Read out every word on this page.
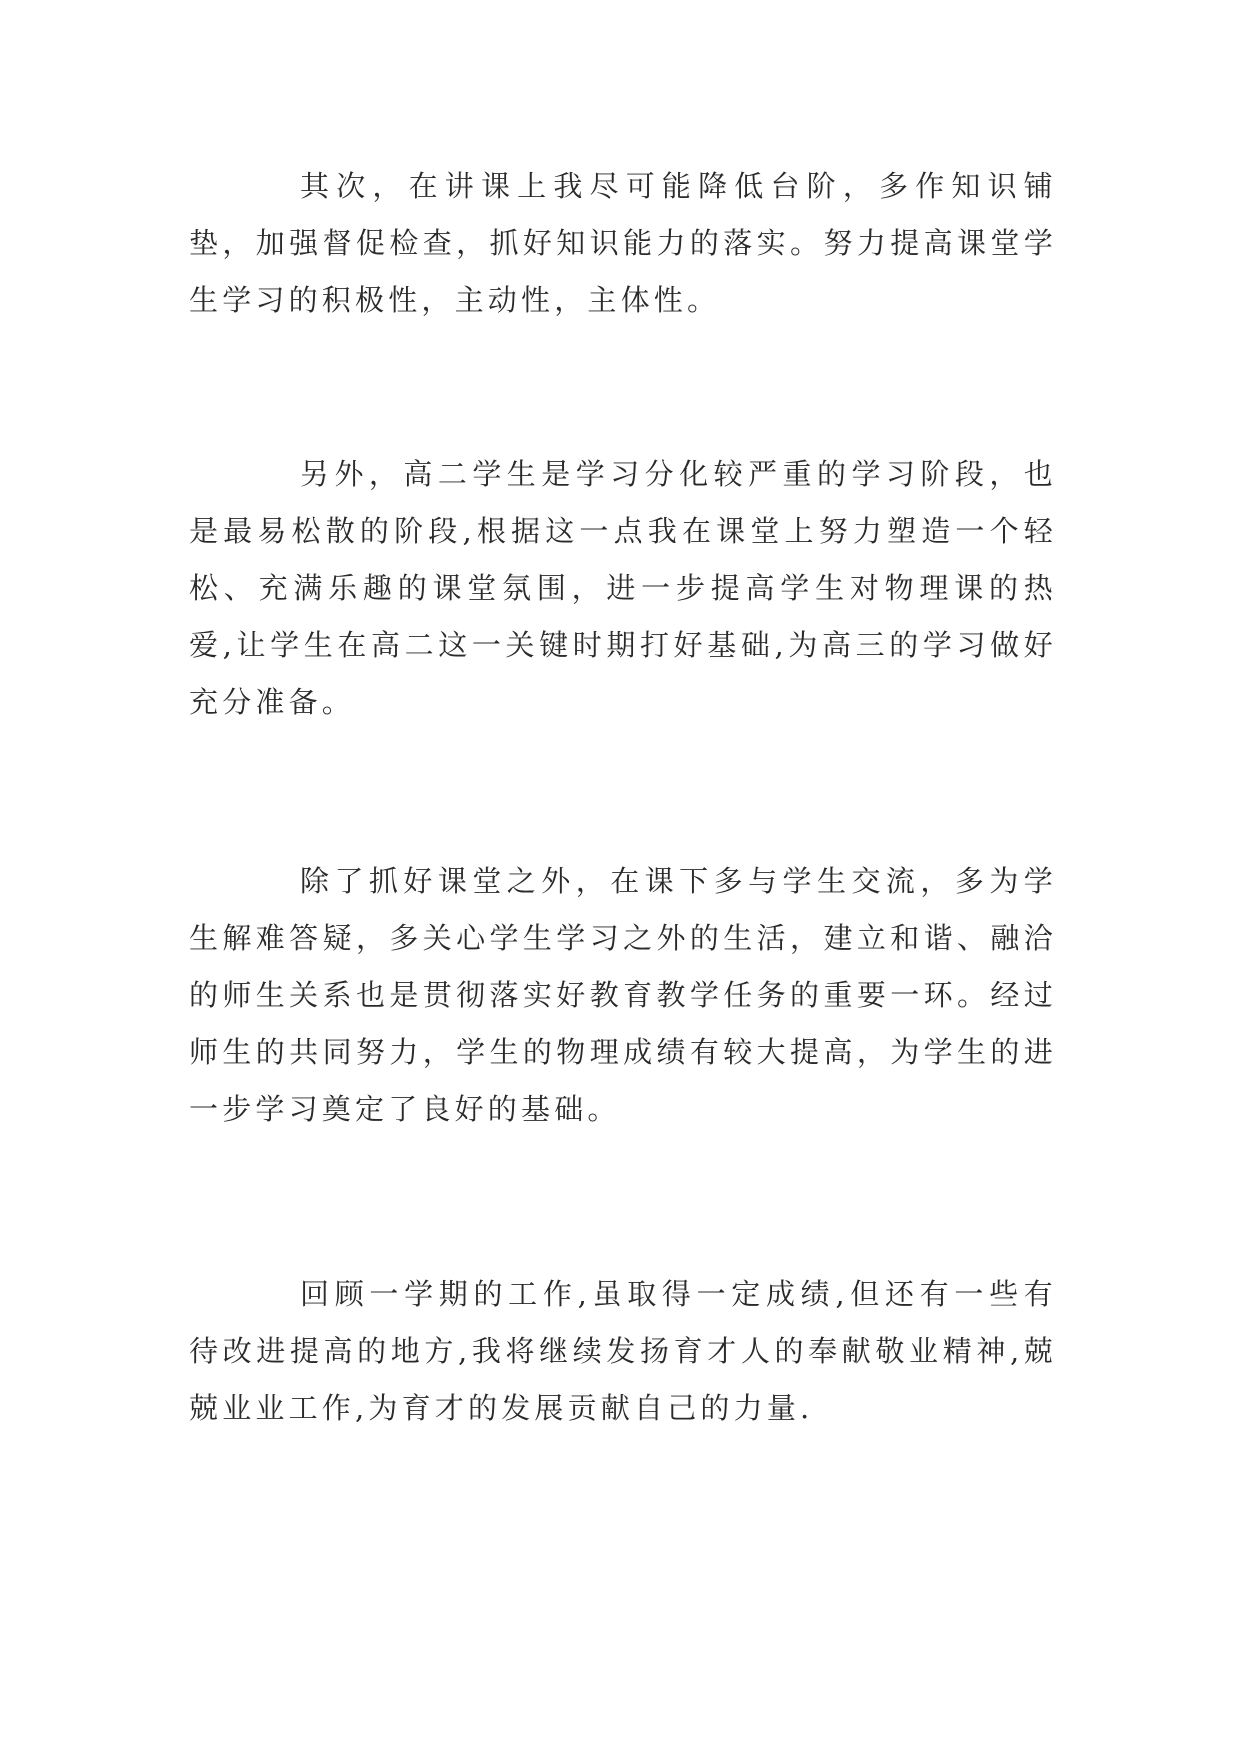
其次，在讲课上我尽可能降低台阶，多作知识铺垫，加强督促检查，抓好知识能力的落实。努力提高课堂学生学习的积极性，主动性，主体性。

另外，高二学生是学习分化较严重的学习阶段，也是最易松散的阶段,根据这一点我在课堂上努力塑造一个轻松、充满乐趣的课堂氛围，进一步提高学生对物理课的热爱,让学生在高二这一关键时期打好基础,为高三的学习做好充分准备。

除了抓好课堂之外，在课下多与学生交流，多为学生解难答疑，多关心学生学习之外的生活，建立和谐、融洽的师生关系也是贯彻落实好教育教学任务的重要一环。经过师生的共同努力，学生的物理成绩有较大提高，为学生的进一步学习奠定了良好的基础。

回顾一学期的工作,虽取得一定成绩,但还有一些有待改进提高的地方,我将继续发扬育才人的奉献敬业精神,兢兢业业工作,为育才的发展贡献自己的力量.
